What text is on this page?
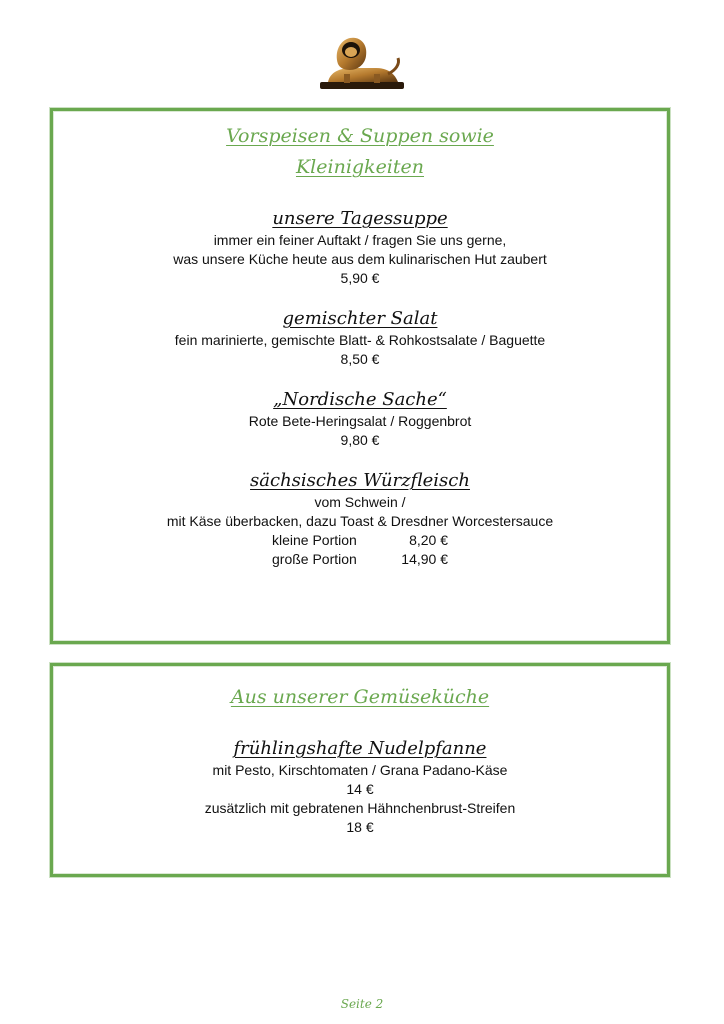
Vorspeisen & Suppen sowie
Kleinigkeiten
unsere Tagessuppe
immer ein feiner Auftakt / fragen Sie uns gerne,
was unsere Küche heute aus dem kulinarischen Hut zaubert
5,90 €
gemischter Salat
fein marinierte, gemischte Blatt- & Rohkostsalate / Baguette
8,50 €
„Nordische Sache“
Rote Bete-Heringsalat / Roggenbrot
9,80 €
sächsisches Würzfleisch
vom Schwein /
mit Käse überbacken, dazu Toast & Dresdner Worcestersauce
kleine Portion	8,20 €
große Portion	14,90 €
Aus unserer Gemüseküche
frühlingshafte Nudelpfanne
mit Pesto, Kirschtomaten / Grana Padano-Käse
14 €
zusätzlich mit gebratenen Hähnchenbrust-Streifen
18 €
Seite 2
